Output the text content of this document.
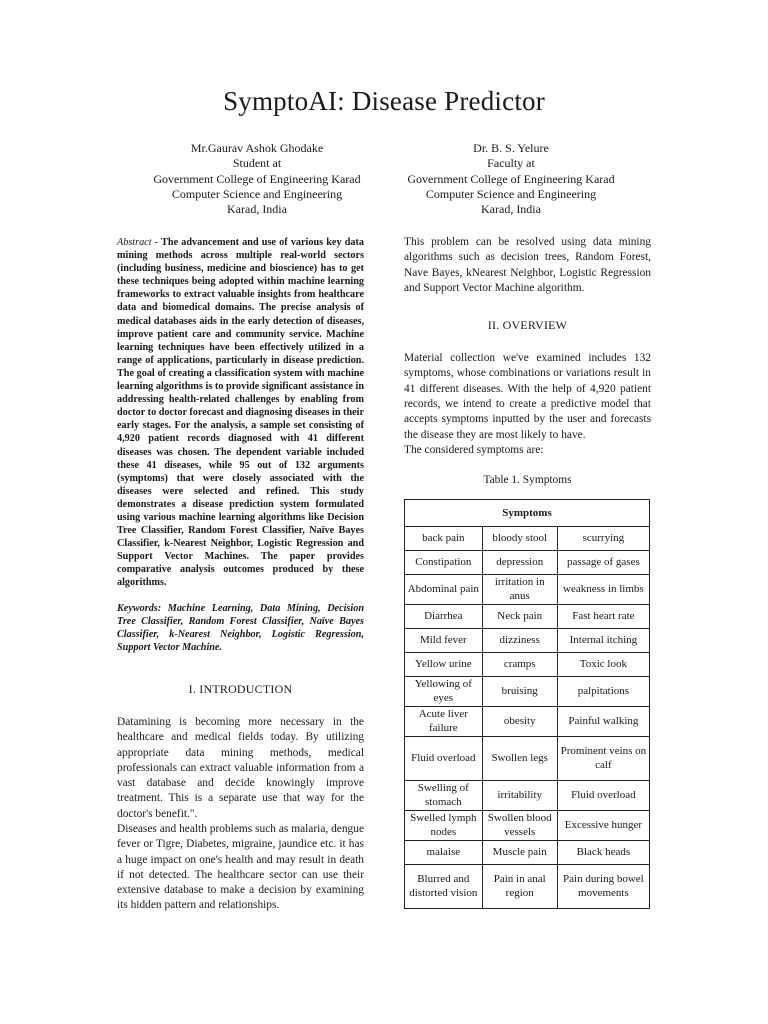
SymptoAI: Disease Predictor
Mr.Gaurav Ashok Ghodake
Student at
Government College of Engineering Karad
Computer Science and Engineering
Karad, India
Dr. B. S. Yelure
Faculty at
Government College of Engineering Karad
Computer Science and Engineering
Karad, India

Abstract - The advancement and use of various key data mining methods across multiple real-world sectors (including business, medicine and bioscience) has to get these techniques being adopted within machine learning frameworks to extract valuable insights from healthcare data and biomedical domains. The precise analysis of medical databases aids in the early detection of diseases, improve patient care and community service. Machine learning techniques have been effectively utilized in a range of applications, particularly in disease prediction. The goal of creating a classification system with machine learning algorithms is to provide significant assistance in addressing health-related challenges by enabling from doctor to doctor forecast and diagnosing diseases in their early stages. For the analysis, a sample set consisting of 4,920 patient records diagnosed with 41 different diseases was chosen. The dependent variable included these 41 diseases, while 95 out of 132 arguments (symptoms) that were closely associated with the diseases were selected and refined. This study demonstrates a disease prediction system formulated using various machine learning algorithms like Decision Tree Classifier, Random Forest Classifier, Naïve Bayes Classifier, k-Nearest Neighbor, Logistic Regression and Support Vector Machines. The paper provides comparative analysis outcomes produced by these algorithms.

Keywords: Machine Learning, Data Mining, Decision Tree Classifier, Random Forest Classifier, Naïve Bayes Classifier, k-Nearest Neighbor, Logistic Regression, Support Vector Machine.

I. INTRODUCTION

Datamining is becoming more necessary in the healthcare and medical fields today. By utilizing appropriate data mining methods, medical professionals can extract valuable information from a vast database and decide knowingly improve treatment. This is a separate use that way for the doctor's benefit.".

Diseases and health problems such as malaria, dengue fever or Tigre, Diabetes, migraine, jaundice etc. it has a huge impact on one's health and may result in death if not detected. The healthcare sector can use their extensive database to make a decision by examining its hidden pattern and relationships.

This problem can be resolved using data mining algorithms such as decision trees, Random Forest, Nave Bayes, kNearest Neighbor, Logistic Regression and Support Vector Machine algorithm.

II. OVERVIEW

Material collection we've examined includes 132 symptoms, whose combinations or variations result in 41 different diseases. With the help of 4,920 patient records, we intend to create a predictive model that accepts symptoms inputted by the user and forecasts the disease they are most likely to have.

The considered symptoms are:

Table 1. Symptoms

Symptoms		
back pain	bloody stool	scurrying
Constipation	depression	passage of gases
Abdominal pain	irritation in anus	weakness in limbs
Diarrhea	Neck pain	Fast heart rate
Mild fever	dizziness	Internal itching
Yellow urine	cramps	Toxic look
Yellowing of eyes	bruising	palpitations
Acute liver failure	obesity	Painful walking
Fluid overload	Swollen legs	Prominent veins on calf
Swelling of stomach	irritability	Fluid overload
Swelled lymph nodes	Swollen blood vessels	Excessive hunger
malaise	Muscle pain	Black heads
Blurred and distorted vision	Pain in anal region	Pain during bowel movements
